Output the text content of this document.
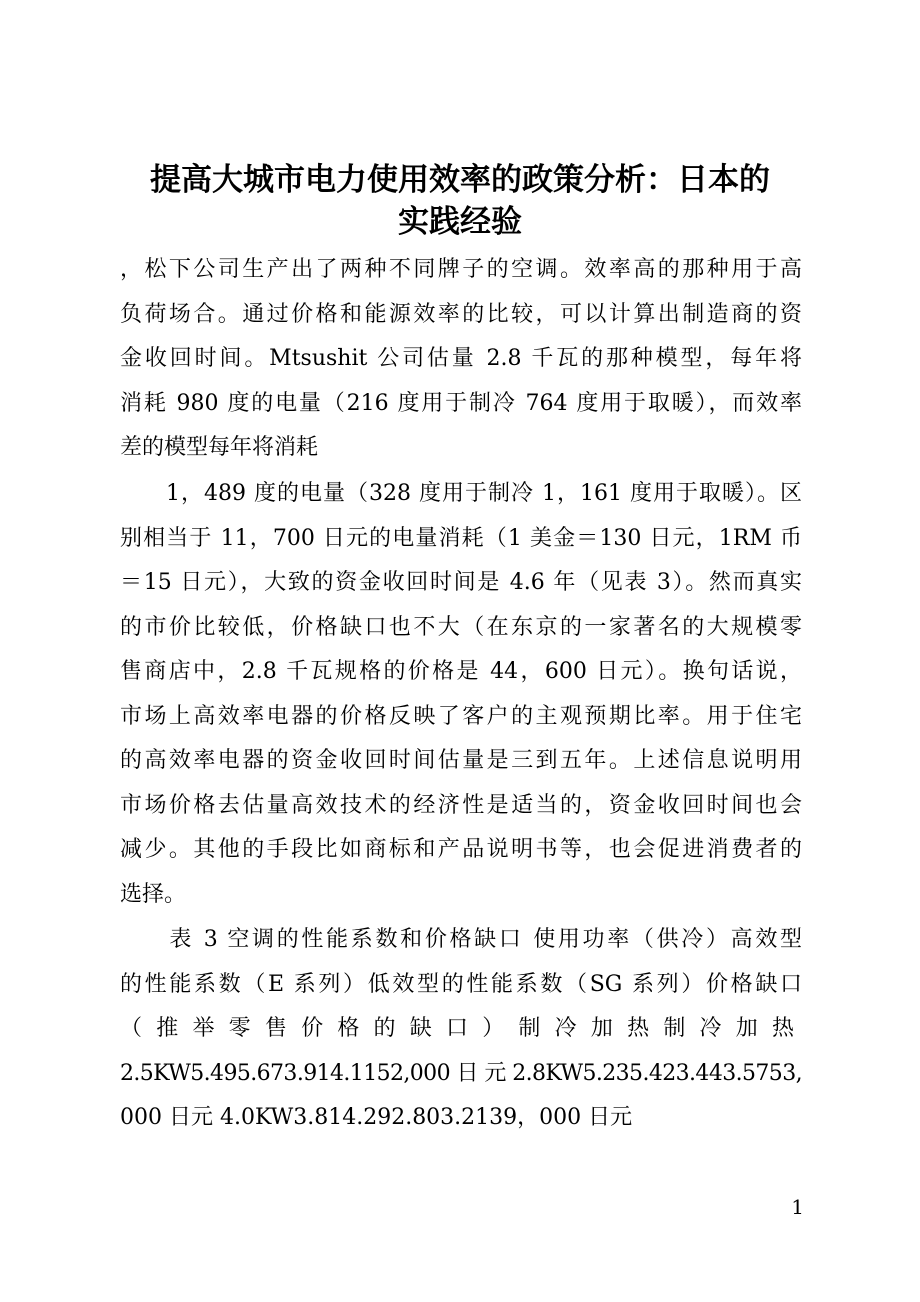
提高大城市电力使用效率的政策分析：日本的
实践经验
，松下公司生产出了两种不同牌子的空调。效率高的那种用于高
负荷场合。通过价格和能源效率的比较，可以计算出制造商的资
金收回时间。Mtsushit 公司估量 2.8 千瓦的那种模型，每年将
消耗 980 度的电量（216 度用于制冷 764 度用于取暖），而效率
差的模型每年将消耗
　　1，489 度的电量（328 度用于制冷 1，161 度用于取暖）。区
别相当于 11，700 日元的电量消耗（1 美金＝130 日元，1RM 币
＝15 日元），大致的资金收回时间是 4.6 年（见表 3）。然而真实
的市价比较低，价格缺口也不大（在东京的一家著名的大规模零
售商店中，2.8 千瓦规格的价格是 44，600 日元）。换句话说，
市场上高效率电器的价格反映了客户的主观预期比率。用于住宅
的高效率电器的资金收回时间估量是三到五年。上述信息说明用
市场价格去估量高效技术的经济性是适当的，资金收回时间也会
减少。其他的手段比如商标和产品说明书等，也会促进消费者的
选择。
　　表 3 空调的性能系数和价格缺口 使用功率（供冷）高效型
的性能系数（E 系列）低效型的性能系数（SG 系列）价格缺口
（推举零售价格的缺口）制冷加热制冷加热
2.5KW5.495.673.914.1152,000日元2.8KW5.235.423.443.5753,
000 日元 4.0KW3.814.292.803.2139，000 日元
1
